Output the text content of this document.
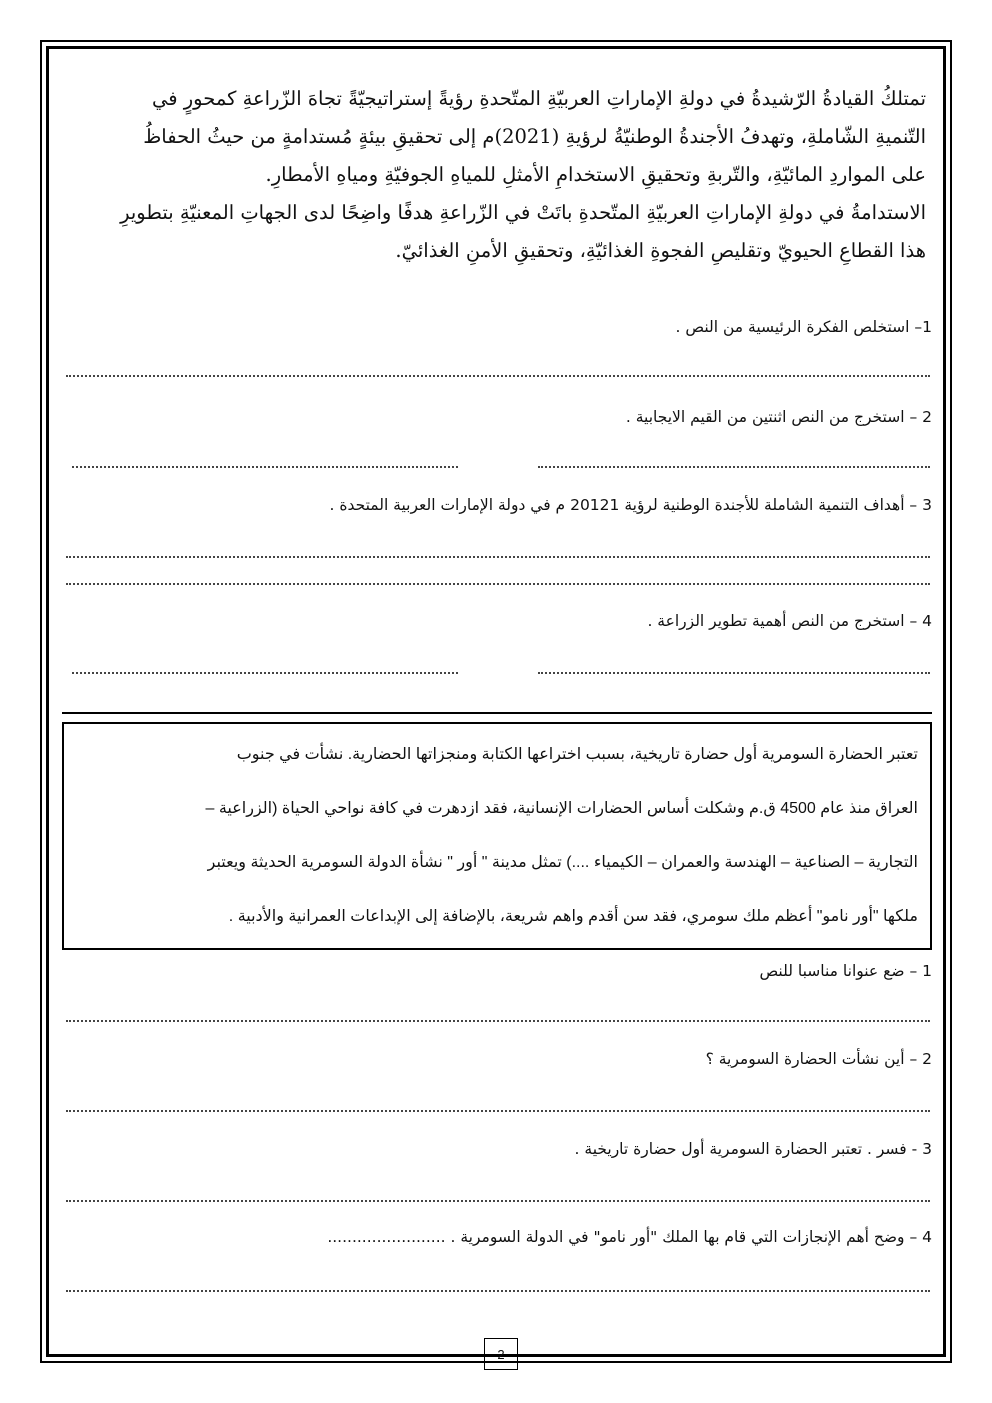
تمتلكُ القيادةُ الرّشيدةُ في دولةِ الإماراتِ العربيّةِ المتّحدةِ رؤيةً إستراتيجيّةً تجاهَ الزّراعةِ كمحورٍ في
التّنميةِ الشّاملةِ، وتهدفُ الأجندةُ الوطنيّةُ لرؤيةِ (2021)م إلى تحقيقِ بيئةٍ مُستدامةٍ من حيثُ الحفاظُ
على المواردِ المائيّةِ، والتّربةِ وتحقيقِ الاستخدامِ الأمثلِ للمياهِ الجوفيّةِ ومياهِ الأمطارِ.
الاستدامةُ في دولةِ الإماراتِ العربيّةِ المتّحدةِ باتَتْ في الزّراعةِ هدفًا واضِحًا لدى الجهاتِ المعنيّةِ بتطويرِ
هذا القطاعِ الحيويّ وتقليصِ الفجوةِ الغذائيّةِ، وتحقيقِ الأمنِ الغذائيّ.
1– استخلص الفكرة الرئيسية من النص .
2 – استخرج من النص اثنتين من القيم الايجابية .
3 – أهداف التنمية الشاملة للأجندة الوطنية لرؤية 20121 م في دولة الإمارات العربية المتحدة .
4 – استخرج من النص أهمية تطوير الزراعة .
تعتبر الحضارة السومرية أول حضارة تاريخية، بسبب اختراعها الكتابة ومنجزاتها الحضارية. نشأت في جنوب
العراق منذ عام 4500 ق.م وشكلت أساس الحضارات الإنسانية، فقد ازدهرت في كافة نواحي الحياة (الزراعية –
التجارية – الصناعية – الهندسة والعمران – الكيمياء ....) تمثل مدينة " أور " نشأة الدولة السومرية الحديثة ويعتبر
ملكها "أور نامو" أعظم ملك سومري، فقد سن أقدم واهم شريعة، بالإضافة إلى الإبداعات العمرانية والأدبية .
1 – ضع عنوانا مناسبا للنص
2 – أين نشأت الحضارة السومرية ؟
3 - فسر . تعتبر الحضارة السومرية أول حضارة تاريخية .
4 – وضح أهم الإنجازات التي قام بها الملك "أور نامو" في الدولة السومرية . ........................
2
